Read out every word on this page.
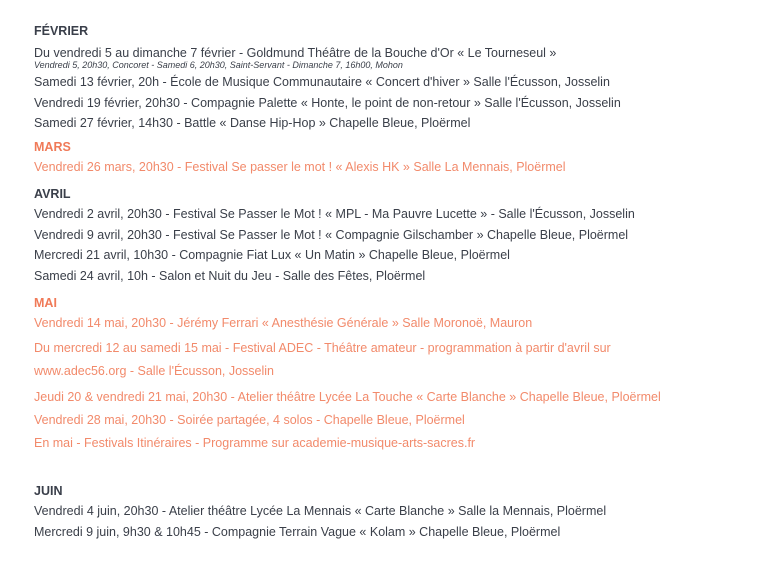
FÉVRIER

Du vendredi 5 au dimanche 7 février - Goldmund Théâtre de la Bouche d'Or « Le Tourneseul »

Vendredi 5, 20h30, Concoret - Samedi 6, 20h30, Saint-Servant - Dimanche 7, 16h00, Mohon

Samedi 13 février, 20h - École de Musique Communautaire « Concert d'hiver » Salle l'Écusson, Josselin

Vendredi 19 février, 20h30 - Compagnie Palette « Honte, le point de non-retour » Salle l'Écusson, Josselin

Samedi 27 février, 14h30 - Battle « Danse Hip-Hop » Chapelle Bleue, Ploërmel

MARS

Vendredi 26 mars, 20h30 - Festival Se passer le mot ! « Alexis HK » Salle La Mennais, Ploërmel

AVRIL

Vendredi 2 avril, 20h30 - Festival Se Passer le Mot ! « MPL - Ma Pauvre Lucette » - Salle l'Écusson, Josselin

Vendredi 9 avril, 20h30 - Festival Se Passer le Mot ! « Compagnie Gilschamber » Chapelle Bleue, Ploërmel

Mercredi 21 avril, 10h30 - Compagnie Fiat Lux « Un Matin » Chapelle Bleue, Ploërmel

Samedi 24 avril, 10h - Salon et Nuit du Jeu - Salle des Fêtes, Ploërmel

MAI

Vendredi 14 mai, 20h30 - Jérémy Ferrari « Anesthésie Générale » Salle Moronoë, Mauron

Du mercredi 12 au samedi 15 mai - Festival ADEC - Théâtre amateur - programmation à partir d'avril sur www.adec56.org - Salle l'Écusson, Josselin

Jeudi 20 & vendredi 21 mai, 20h30 - Atelier théâtre Lycée La Touche « Carte Blanche » Chapelle Bleue, Ploërmel

Vendredi 28 mai, 20h30 - Soirée partagée, 4 solos - Chapelle Bleue, Ploërmel

En mai - Festivals Itinéraires - Programme sur academie-musique-arts-sacres.fr

JUIN

Vendredi 4 juin, 20h30 - Atelier théâtre Lycée La Mennais « Carte Blanche » Salle la Mennais, Ploërmel

Mercredi 9 juin, 9h30 & 10h45 - Compagnie Terrain Vague « Kolam » Chapelle Bleue, Ploërmel
